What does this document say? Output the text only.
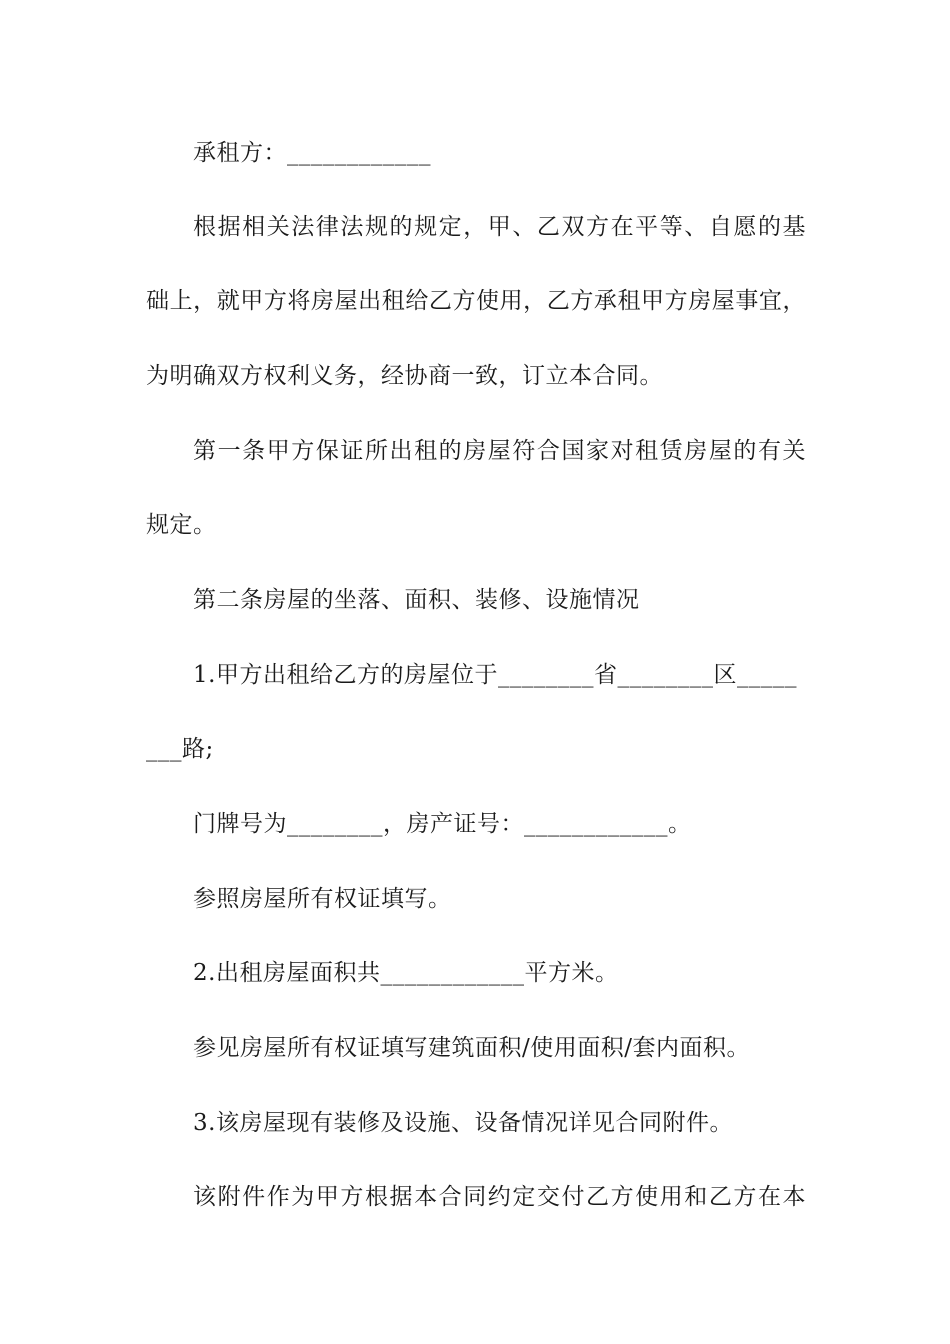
承租方：____________
根据相关法律法规的规定，甲、乙双方在平等、自愿的基
础上，就甲方将房屋出租给乙方使用，乙方承租甲方房屋事宜，
为明确双方权利义务，经协商一致，订立本合同。
第一条甲方保证所出租的房屋符合国家对租赁房屋的有关
规定。
第二条房屋的坐落、面积、装修、设施情况
1.甲方出租给乙方的房屋位于________省________区_____
___路;
门牌号为________，房产证号：____________。
参照房屋所有权证填写。
2.出租房屋面积共____________平方米。
参见房屋所有权证填写建筑面积/使用面积/套内面积。
3.该房屋现有装修及设施、设备情况详见合同附件。
该附件作为甲方根据本合同约定交付乙方使用和乙方在本
